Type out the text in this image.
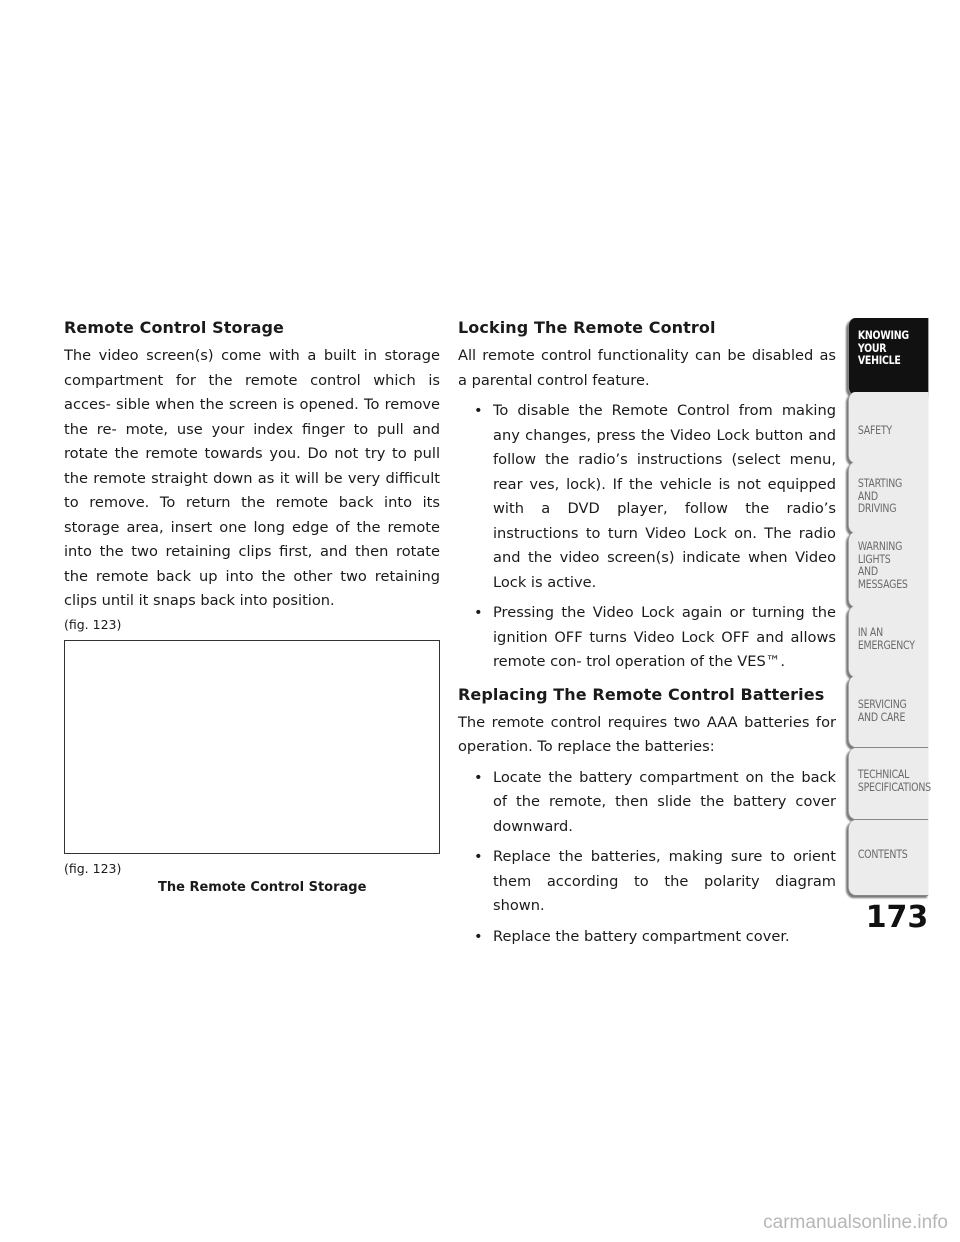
Remote Control Storage

The video screen(s) come with a built in storage compartment for the remote control which is acces- sible when the screen is opened. To remove the re- mote, use your index finger to pull and rotate the remote towards you. Do not try to pull the remote straight down as it will be very difficult to remove. To return the remote back into its storage area, insert one long edge of the remote into the two retaining clips first, and then rotate the remote back up into the other two retaining clips until it snaps back into position.
(fig. 123)

(fig. 123)
The Remote Control Storage
Locking The Remote Control

All remote control functionality can be disabled as a parental control feature.

• To disable the Remote Control from making any changes, press the Video Lock button and follow the radio’s instructions (select menu, rear ves, lock). If the vehicle is not equipped with a DVD player, follow the radio’s instructions to turn Video Lock on. The radio and the video screen(s) indicate when Video Lock is active.
• Pressing the Video Lock again or turning the ignition OFF turns Video Lock OFF and allows remote con- trol operation of the VES™.
Replacing The Remote Control Batteries

The remote control requires two AAA batteries for operation. To replace the batteries:

• Locate the battery compartment on the back of the remote, then slide the battery cover downward.
• Replace the batteries, making sure to orient them according to the polarity diagram shown.
• Replace the battery compartment cover.
KNOWING
YOUR
VEHICLE
SAFETY
STARTING
AND
DRIVING
WARNING
LIGHTS
AND
MESSAGES
IN AN
EMERGENCY
SERVICING
AND CARE
TECHNICAL
SPECIFICATIONS
CONTENTS
173
carmanualsonline.info
